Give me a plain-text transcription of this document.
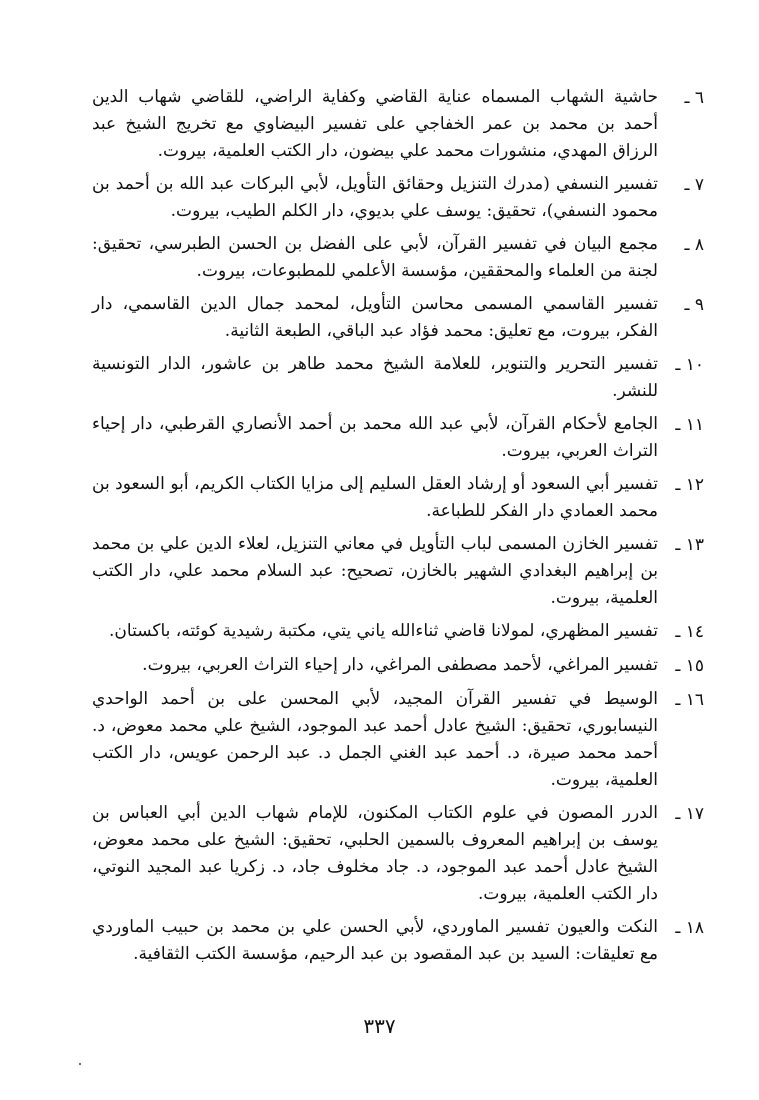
٦ ـ
حاشية الشهاب المسماه عناية القاضي وكفاية الراضي، للقاضي شهاب الدين أحمد بن محمد بن عمر الخفاجي على تفسير البيضاوي مع تخريج الشيخ عبد الرزاق المهدي، منشورات محمد علي بيضون، دار الكتب العلمية، بيروت.
٧ ـ
تفسير النسفي (مدرك التنزيل وحقائق التأويل، لأبي البركات عبد الله بن أحمد بن محمود النسفي)، تحقيق: يوسف علي بديوي، دار الكلم الطيب، بيروت.
٨ ـ
مجمع البيان في تفسير القرآن، لأبي على الفضل بن الحسن الطبرسي، تحقيق: لجنة من العلماء والمحققين، مؤسسة الأعلمي للمطبوعات، بيروت.
٩ ـ
تفسير القاسمي المسمى محاسن التأويل، لمحمد جمال الدين القاسمي، دار الفكر، بيروت، مع تعليق: محمد فؤاد عبد الباقي، الطبعة الثانية.
١٠ ـ
تفسير التحرير والتنوير، للعلامة الشيخ محمد طاهر بن عاشور، الدار التونسية للنشر.
١١ ـ
الجامع لأحكام القرآن، لأبي عبد الله محمد بن أحمد الأنصاري القرطبي، دار إحياء التراث العربي، بيروت.
١٢ ـ
تفسير أبي السعود أو إرشاد العقل السليم إلى مزايا الكتاب الكريم، أبو السعود بن محمد العمادي دار الفكر للطباعة.
١٣ ـ
تفسير الخازن المسمى لباب التأويل في معاني التنزيل، لعلاء الدين علي بن محمد بن إبراهيم البغدادي الشهير بالخازن، تصحيح: عبد السلام محمد علي، دار الكتب العلمية، بيروت.
١٤ ـ
تفسير المظهري، لمولانا قاضي ثناءالله ياني يتي، مكتبة رشيدية كوئته، باكستان.
١٥ ـ
تفسير المراغي، لأحمد مصطفى المراغي، دار إحياء التراث العربي، بيروت.
١٦ ـ
الوسيط في تفسير القرآن المجيد، لأبي المحسن على بن أحمد الواحدي النيسابوري، تحقيق: الشيخ عادل أحمد عبد الموجود، الشيخ علي محمد معوض، د. أحمد محمد صيرة، د. أحمد عبد الغني الجمل د. عبد الرحمن عويس، دار الكتب العلمية، بيروت.
١٧ ـ
الدرر المصون في علوم الكتاب المكنون، للإمام شهاب الدين أبي العباس بن يوسف بن إبراهيم المعروف بالسمين الحلبي، تحقيق: الشيخ على محمد معوض، الشيخ عادل أحمد عبد الموجود، د. جاد مخلوف جاد، د. زكريا عبد المجيد النوتي، دار الكتب العلمية، بيروت.
١٨ ـ
النكت والعيون تفسير الماوردي، لأبي الحسن علي بن محمد بن حبيب الماوردي مع تعليقات: السيد بن عبد المقصود بن عبد الرحيم، مؤسسة الكتب الثقافية.
٣٣٧
